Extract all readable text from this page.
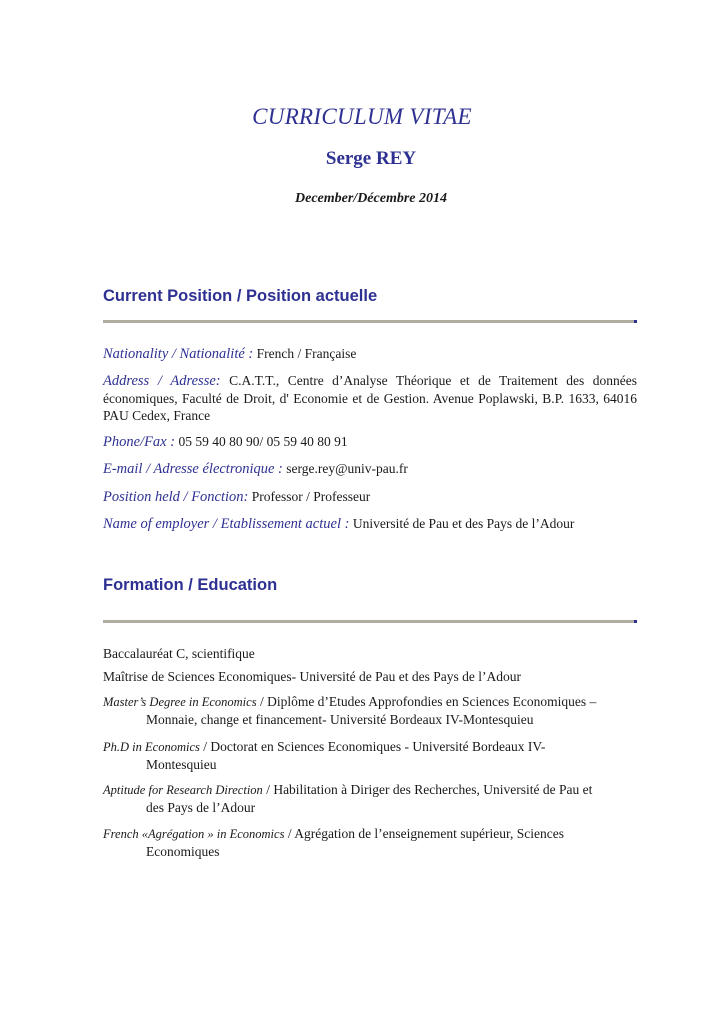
CURRICULUM VITAE
Serge REY
December/Décembre 2014
Current Position / Position actuelle
Nationality / Nationalité : French / Française
Address / Adresse: C.A.T.T., Centre d’Analyse Théorique et de Traitement des données économiques, Faculté de Droit, d' Economie et de Gestion. Avenue Poplawski, B.P. 1633, 64016 PAU Cedex, France
Phone/Fax : 05 59 40 80 90/ 05 59 40 80 91
E-mail / Adresse électronique : serge.rey@univ-pau.fr
Position held / Fonction: Professor / Professeur
Name of employer / Etablissement actuel : Université de Pau et des Pays de l’Adour
Formation / Education
Baccalauréat C, scientifique
Maîtrise de Sciences Economiques- Université de Pau et des Pays de l’Adour
Master’s Degree in Economics / Diplôme d’Etudes Approfondies en Sciences Economiques –
Monnaie, change et financement- Université Bordeaux IV-Montesquieu
Ph.D in Economics / Doctorat en Sciences Economiques - Université Bordeaux IV-
Montesquieu
Aptitude for Research Direction / Habilitation à Diriger des Recherches, Université de Pau et
des Pays de l’Adour
French «Agrégation » in Economics / Agrégation de l’enseignement supérieur, Sciences
Economiques
